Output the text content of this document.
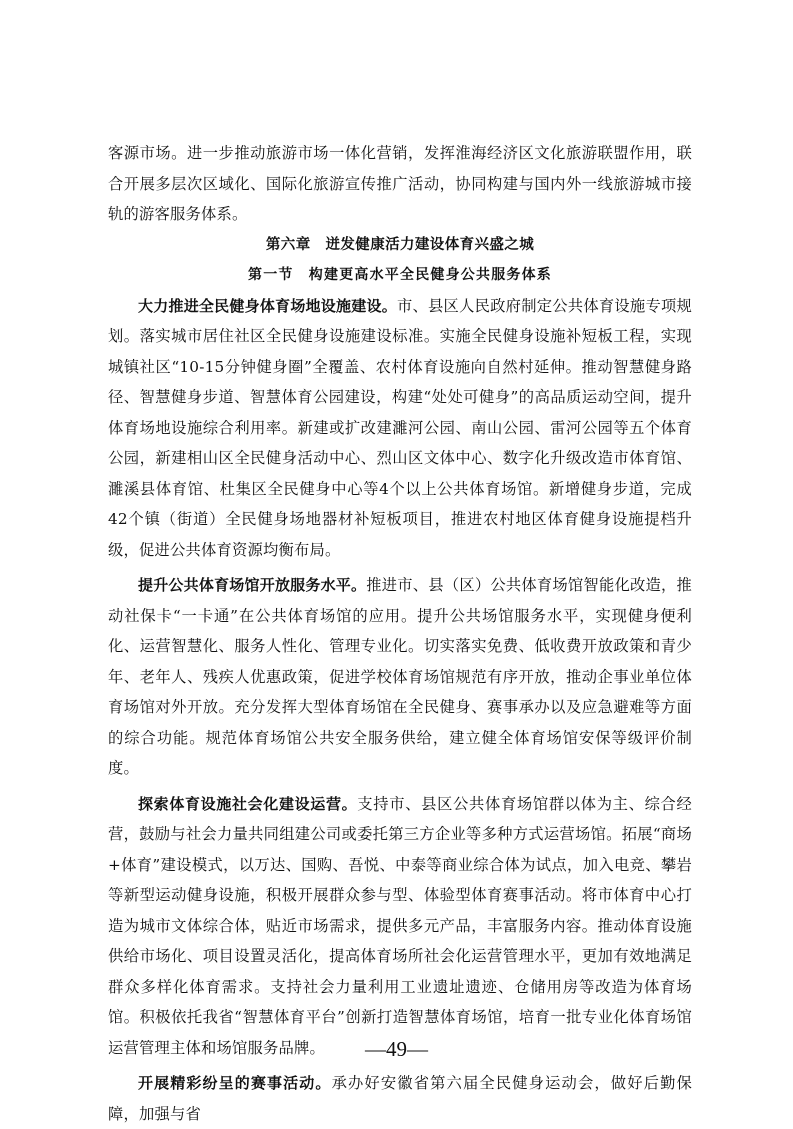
客源市场。进一步推动旅游市场一体化营销，发挥淮海经济区文化旅游联盟作用，联合开展多层次区域化、国际化旅游宣传推广活动，协同构建与国内外一线旅游城市接轨的游客服务体系。

第六章　迸发健康活力建设体育兴盛之城

第一节　构建更高水平全民健身公共服务体系

大力推进全民健身体育场地设施建设。市、县区人民政府制定公共体育设施专项规划。落实城市居住社区全民健身设施建设标准。实施全民健身设施补短板工程，实现城镇社区“10-15分钟健身圈”全覆盖、农村体育设施向自然村延伸。推动智慧健身路径、智慧健身步道、智慧体育公园建设，构建“处处可健身”的高品质运动空间，提升体育场地设施综合利用率。新建或扩改建濉河公园、南山公园、雷河公园等五个体育公园，新建相山区全民健身活动中心、烈山区文体中心、数字化升级改造市体育馆、濉溪县体育馆、杜集区全民健身中心等4个以上公共体育场馆。新增健身步道，完成42个镇（街道）全民健身场地器材补短板项目，推进农村地区体育健身设施提档升级，促进公共体育资源均衡布局。

提升公共体育场馆开放服务水平。推进市、县（区）公共体育场馆智能化改造，推动社保卡“一卡通”在公共体育场馆的应用。提升公共场馆服务水平，实现健身便利化、运营智慧化、服务人性化、管理专业化。切实落实免费、低收费开放政策和青少年、老年人、残疾人优惠政策，促进学校体育场馆规范有序开放，推动企事业单位体育场馆对外开放。充分发挥大型体育场馆在全民健身、赛事承办以及应急避难等方面的综合功能。规范体育场馆公共安全服务供给，建立健全体育场馆安保等级评价制度。

探索体育设施社会化建设运营。支持市、县区公共体育场馆群以体为主、综合经营，鼓励与社会力量共同组建公司或委托第三方企业等多种方式运营场馆。拓展“商场+体育”建设模式，以万达、国购、吾悦、中泰等商业综合体为试点，加入电竞、攀岩等新型运动健身设施，积极开展群众参与型、体验型体育赛事活动。将市体育中心打造为城市文体综合体，贴近市场需求，提供多元产品，丰富服务内容。推动体育设施供给市场化、项目设置灵活化，提高体育场所社会化运营管理水平，更加有效地满足群众多样化体育需求。支持社会力量利用工业遗址遗迹、仓储用房等改造为体育场馆。积极依托我省“智慧体育平台”创新打造智慧体育场馆，培育一批专业化体育场馆运营管理主体和场馆服务品牌。

开展精彩纷呈的赛事活动。承办好安徽省第六届全民健身运动会，做好后勤保障，加强与省

—49—
